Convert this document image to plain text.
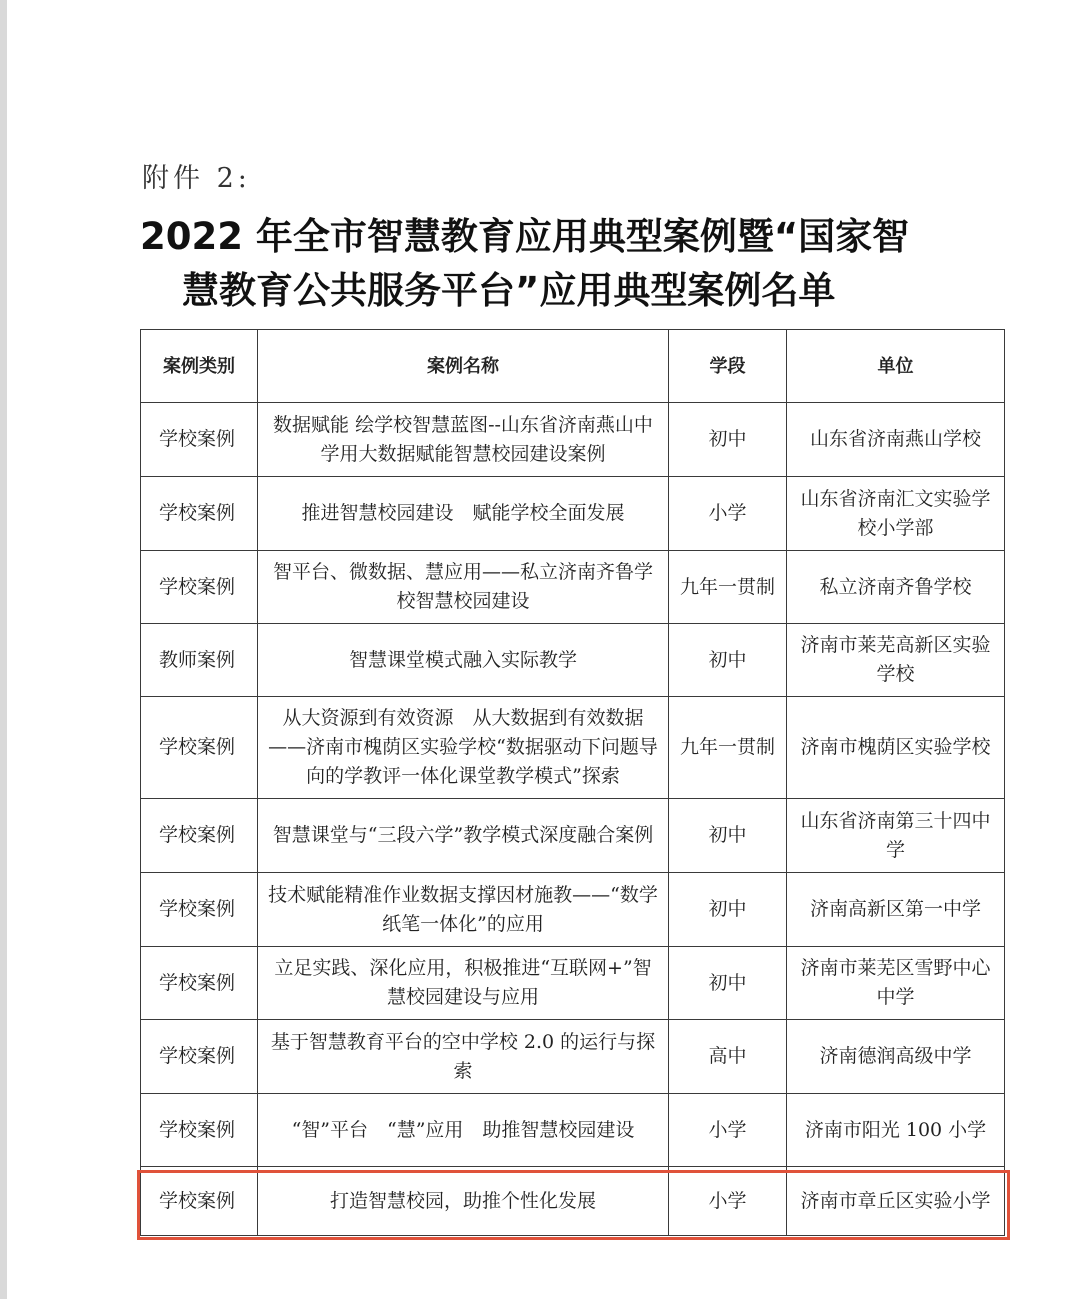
附件 2:
2022 年全市智慧教育应用典型案例暨“国家智
慧教育公共服务平台”应用典型案例名单
案例类别	案例名称	学段	单位
学校案例	数据赋能 绘学校智慧蓝图--山东省济南燕山中学用大数据赋能智慧校园建设案例	初中	山东省济南燕山学校
学校案例	推进智慧校园建设　赋能学校全面发展	小学	山东省济南汇文实验学校小学部
学校案例	智平台、微数据、慧应用——私立济南齐鲁学校智慧校园建设	九年一贯制	私立济南齐鲁学校
教师案例	智慧课堂模式融入实际教学	初中	济南市莱芜高新区实验学校
学校案例	从大资源到有效资源　从大数据到有效数据——济南市槐荫区实验学校“数据驱动下问题导向的学教评一体化课堂教学模式”探索	九年一贯制	济南市槐荫区实验学校
学校案例	智慧课堂与“三段六学”教学模式深度融合案例	初中	山东省济南第三十四中学
学校案例	技术赋能精准作业数据支撑因材施教——“数学纸笔一体化”的应用	初中	济南高新区第一中学
学校案例	立足实践、深化应用，积极推进“互联网+”智慧校园建设与应用	初中	济南市莱芜区雪野中心中学
学校案例	基于智慧教育平台的空中学校 2.0 的运行与探索	高中	济南德润高级中学
学校案例	“智”平台　“慧”应用　助推智慧校园建设	小学	济南市阳光 100 小学
学校案例	打造智慧校园，助推个性化发展	小学	济南市章丘区实验小学
